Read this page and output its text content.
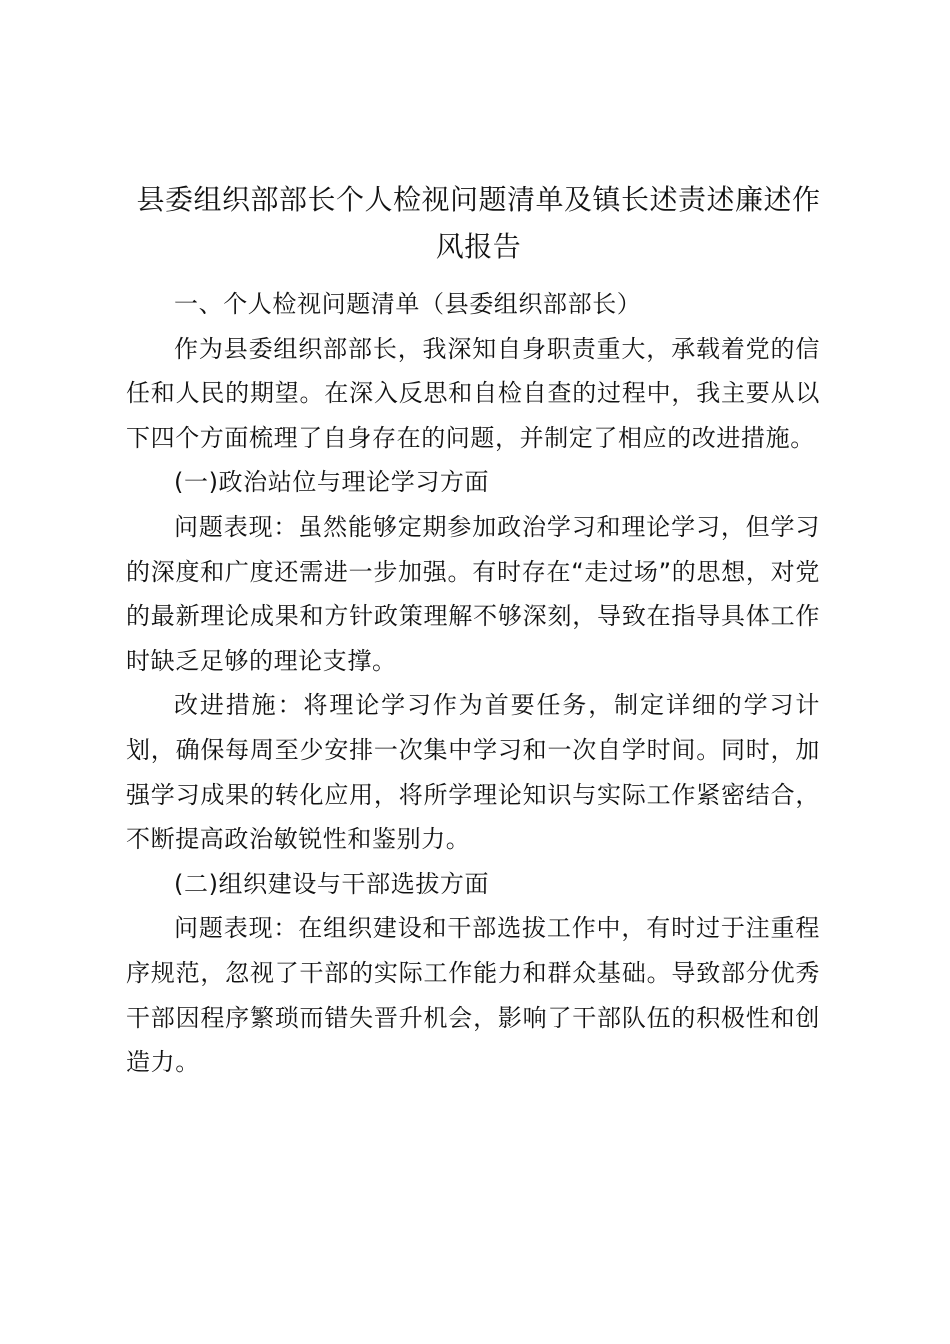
县委组织部部长个人检视问题清单及镇长述责述廉述作风报告

一、个人检视问题清单（县委组织部部长）

作为县委组织部部长，我深知自身职责重大，承载着党的信任和人民的期望。在深入反思和自检自查的过程中，我主要从以下四个方面梳理了自身存在的问题，并制定了相应的改进措施。

(一)政治站位与理论学习方面

问题表现：虽然能够定期参加政治学习和理论学习，但学习的深度和广度还需进一步加强。有时存在“走过场”的思想，对党的最新理论成果和方针政策理解不够深刻，导致在指导具体工作时缺乏足够的理论支撑。

改进措施：将理论学习作为首要任务，制定详细的学习计划，确保每周至少安排一次集中学习和一次自学时间。同时，加强学习成果的转化应用，将所学理论知识与实际工作紧密结合，不断提高政治敏锐性和鉴别力。

(二)组织建设与干部选拔方面

问题表现：在组织建设和干部选拔工作中，有时过于注重程序规范，忽视了干部的实际工作能力和群众基础。导致部分优秀干部因程序繁琐而错失晋升机会，影响了干部队伍的积极性和创造力。
